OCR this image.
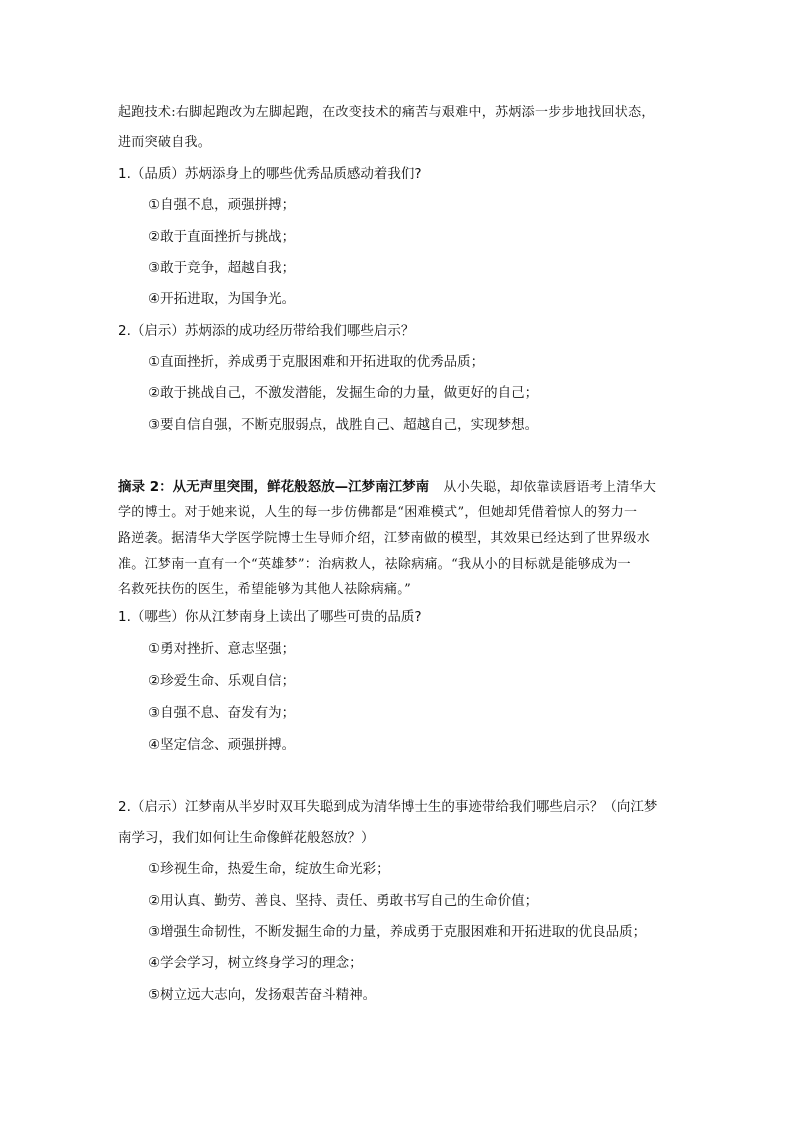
起跑技术:右脚起跑改为左脚起跑，在改变技术的痛苦与艰难中，苏炳添一步步地找回状态，
进而突破自我。
1.（品质）苏炳添身上的哪些优秀品质感动着我们?
①自强不息，顽强拼搏；
②敢于直面挫折与挑战；
③敢于竞争，超越自我；
④开拓进取，为国争光。
2.（启示）苏炳添的成功经历带给我们哪些启示？
①直面挫折，养成勇于克服困难和开拓进取的优秀品质；
②敢于挑战自己，不激发潜能，发掘生命的力量，做更好的自己；
③要自信自强，不断克服弱点，战胜自己、超越自己，实现梦想。
摘录 2：从无声里突围，鲜花般怒放—江梦南江梦南 从小失聪，却依靠读唇语考上清华大
学的博士。对于她来说，人生的每一步仿佛都是“困难模式”，但她却凭借着惊人的努力一
路逆袭。据清华大学医学院博士生导师介绍，江梦南做的模型，其效果已经达到了世界级水
准。江梦南一直有一个“英雄梦”：治病救人，祛除病痛。“我从小的目标就是能够成为一
名救死扶伤的医生，希望能够为其他人祛除病痛。”
1.（哪些）你从江梦南身上读出了哪些可贵的品质?
①勇对挫折、意志坚强；
②珍爱生命、乐观自信；
③自强不息、奋发有为；
④坚定信念、顽强拼搏。
2.（启示）江梦南从半岁时双耳失聪到成为清华博士生的事迹带给我们哪些启示？（向江梦
南学习，我们如何让生命像鲜花般怒放？）
①珍视生命，热爱生命，绽放生命光彩；
②用认真、勤劳、善良、坚持、责任、勇敢书写自己的生命价值；
③增强生命韧性，不断发掘生命的力量，养成勇于克服困难和开拓进取的优良品质；
④学会学习，树立终身学习的理念；
⑤树立远大志向，发扬艰苦奋斗精神。
